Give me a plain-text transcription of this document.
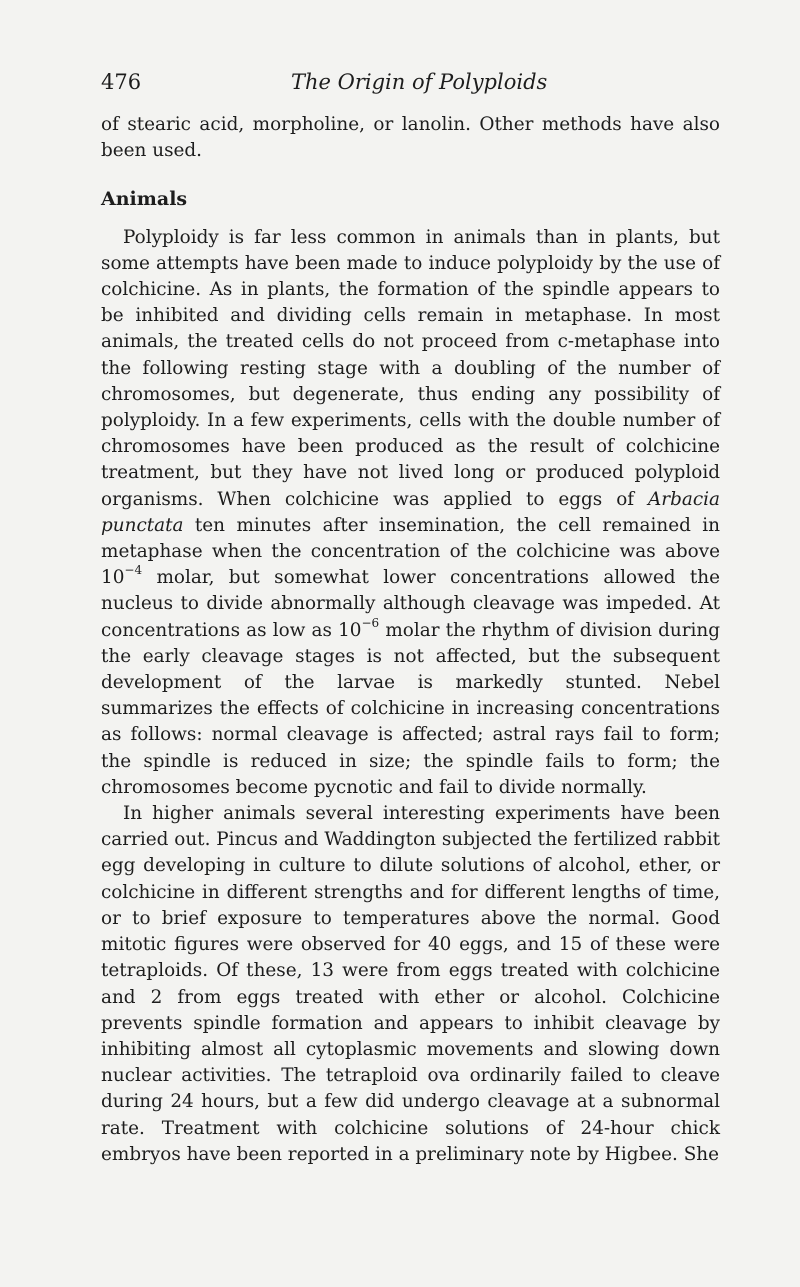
476	The Origin of Polyploids

of stearic acid, morpholine, or lanolin. Other methods have also been used.

Animals

Polyploidy is far less common in animals than in plants, but some attempts have been made to induce polyploidy by the use of colchicine. As in plants, the formation of the spindle appears to be inhibited and dividing cells remain in metaphase. In most animals, the treated cells do not proceed from c-metaphase into the following resting stage with a doubling of the number of chromosomes, but degenerate, thus ending any possibility of polyploidy. In a few experiments, cells with the double number of chromosomes have been produced as the result of colchicine treatment, but they have not lived long or produced polyploid organisms. When colchicine was applied to eggs of Arbacia punctata ten minutes after insemination, the cell remained in metaphase when the concentration of the colchicine was above $10^{-4}$ molar, but somewhat lower concentrations allowed the nucleus to divide abnormally although cleavage was impeded. At concentrations as low as $10^{-6}$ molar the rhythm of division during the early cleavage stages is not affected, but the subsequent development of the larvae is markedly stunted. Nebel summarizes the effects of colchicine in increasing concentrations as follows: normal cleavage is affected; astral rays fail to form; the spindle is reduced in size; the spindle fails to form; the chromosomes become pycnotic and fail to divide normally.

In higher animals several interesting experiments have been carried out. Pincus and Waddington subjected the fertilized rabbit egg developing in culture to dilute solutions of alcohol, ether, or colchicine in different strengths and for different lengths of time, or to brief exposure to temperatures above the normal. Good mitotic figures were observed for 40 eggs, and 15 of these were tetraploids. Of these, 13 were from eggs treated with colchicine and 2 from eggs treated with ether or alcohol. Colchicine prevents spindle formation and appears to inhibit cleavage by inhibiting almost all cytoplasmic movements and slowing down nuclear activities. The tetraploid ova ordinarily failed to cleave during 24 hours, but a few did undergo cleavage at a subnormal rate. Treatment with colchicine solutions of 24-hour chick embryos have been reported in a preliminary note by Higbee. She
